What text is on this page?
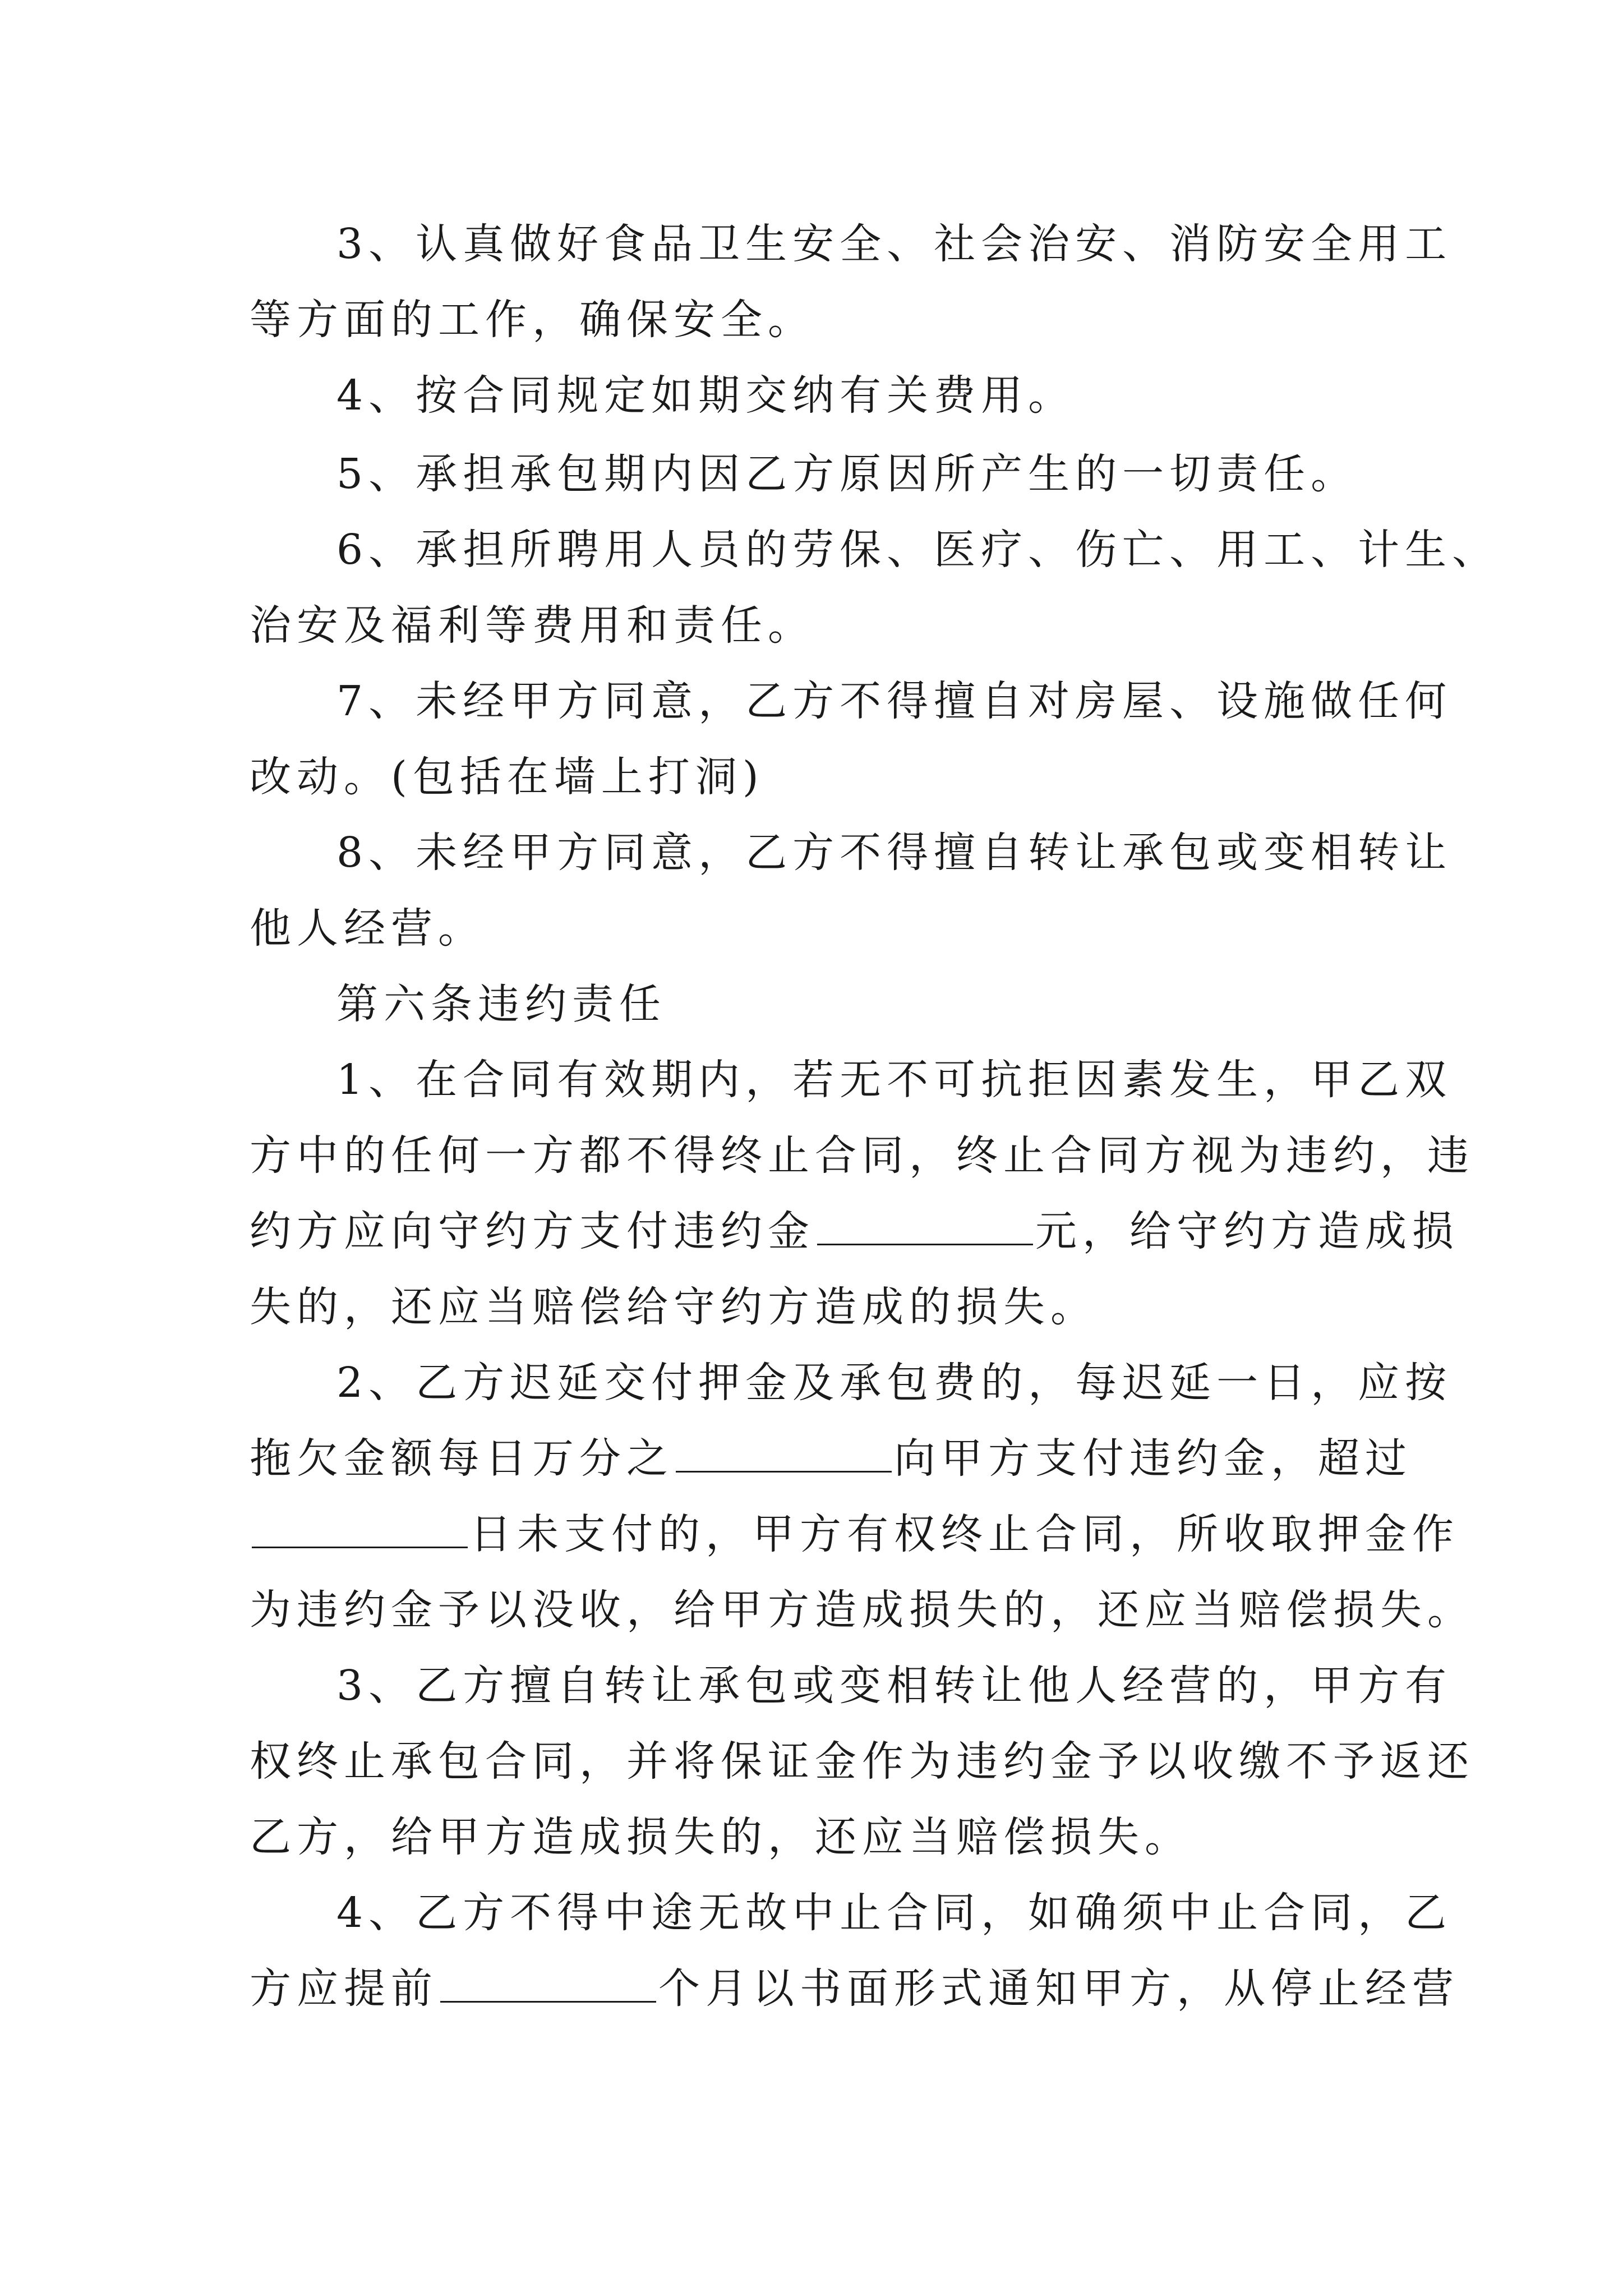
3、认真做好食品卫生安全、社会治安、消防安全用工
等方面的工作，确保安全。
4、按合同规定如期交纳有关费用。
5、承担承包期内因乙方原因所产生的一切责任。
6、承担所聘用人员的劳保、医疗、伤亡、用工、计生、
治安及福利等费用和责任。
7、未经甲方同意，乙方不得擅自对房屋、设施做任何
改动。(包括在墙上打洞)
8、未经甲方同意，乙方不得擅自转让承包或变相转让
他人经营。
第六条违约责任
1、在合同有效期内，若无不可抗拒因素发生，甲乙双
方中的任何一方都不得终止合同，终止合同方视为违约，违
约方应向守约方支付违约金	元，给守约方造成损
失的，还应当赔偿给守约方造成的损失。
2、乙方迟延交付押金及承包费的，每迟延一日，应按
拖欠金额每日万分之	向甲方支付违约金，超过
日未支付的，甲方有权终止合同，所收取押金作
为违约金予以没收，给甲方造成损失的，还应当赔偿损失。
3、乙方擅自转让承包或变相转让他人经营的，甲方有
权终止承包合同，并将保证金作为违约金予以收缴不予返还
乙方，给甲方造成损失的，还应当赔偿损失。
4、乙方不得中途无故中止合同，如确须中止合同，乙
方应提前	个月以书面形式通知甲方，从停止经营
